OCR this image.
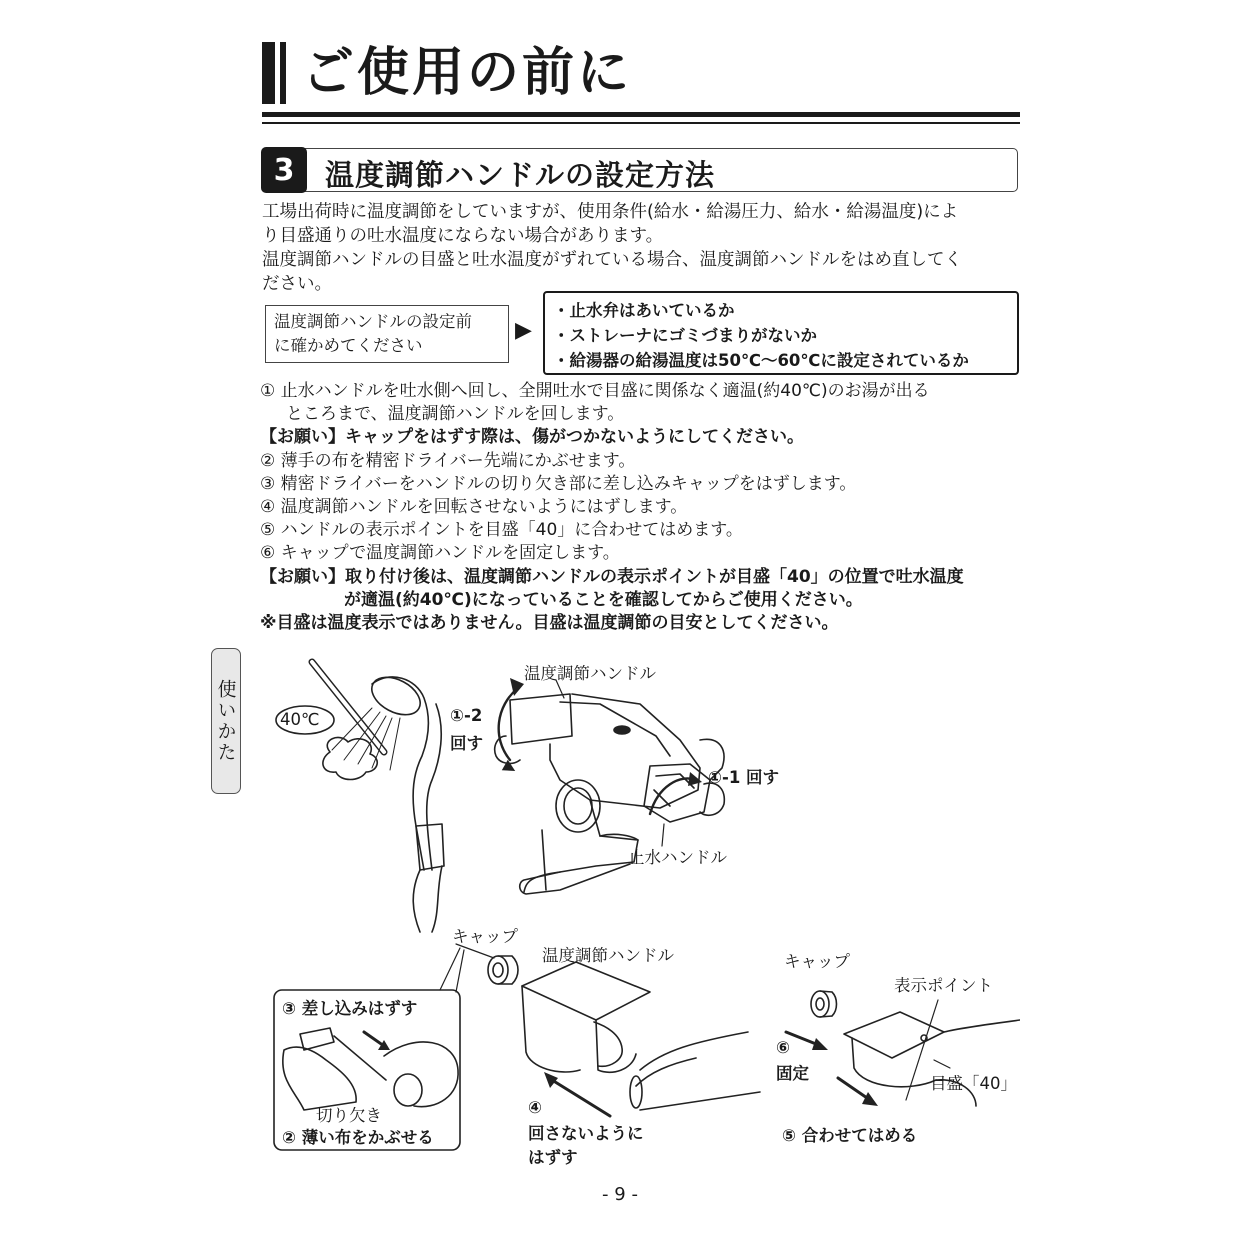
ご使用の前に
3	温度調節ハンドルの設定方法

工場出荷時に温度調節をしていますが、使用条件(給水・給湯圧力、給水・給湯温度)によ

り目盛通りの吐水温度にならない場合があります。

温度調節ハンドルの目盛と吐水温度がずれている場合、温度調節ハンドルをはめ直してく

ださい。

温度調節ハンドルの設定前
に確かめてください
▶
・止水弁はあいているか
・ストレーナにゴミづまりがないか
・給湯器の給湯温度は50℃〜60℃に設定されているか
① 止水ハンドルを吐水側へ回し、全開吐水で目盛に関係なく適温(約40℃)のお湯が出る
ところまで、温度調節ハンドルを回します。
【お願い】キャップをはずす際は、傷がつかないようにしてください。
② 薄手の布を精密ドライバー先端にかぶせます。
③ 精密ドライバーをハンドルの切り欠き部に差し込みキャップをはずします。
④ 温度調節ハンドルを回転させないようにはずします。
⑤ ハンドルの表示ポイントを目盛「40」に合わせてはめます。
⑥ キャップで温度調節ハンドルを固定します。
【お願い】取り付け後は、温度調節ハンドルの表示ポイントが目盛「40」の位置で吐水温度
が適温(約40℃)になっていることを確認してからご使用ください。
※目盛は温度表示ではありません。目盛は温度調節の目安としてください。
使いかた	40℃
温度調節ハンドル
①-2
回す
①-1 回す
止水ハンドル
キャップ
温度調節ハンドル
③ 差し込みはずす
切り欠き
② 薄い布をかぶせる
④
回さないように
はずす
キャップ
表示ポイント
⑥
固定
目盛「40」
⑤ 合わせてはめる
- 9 -
